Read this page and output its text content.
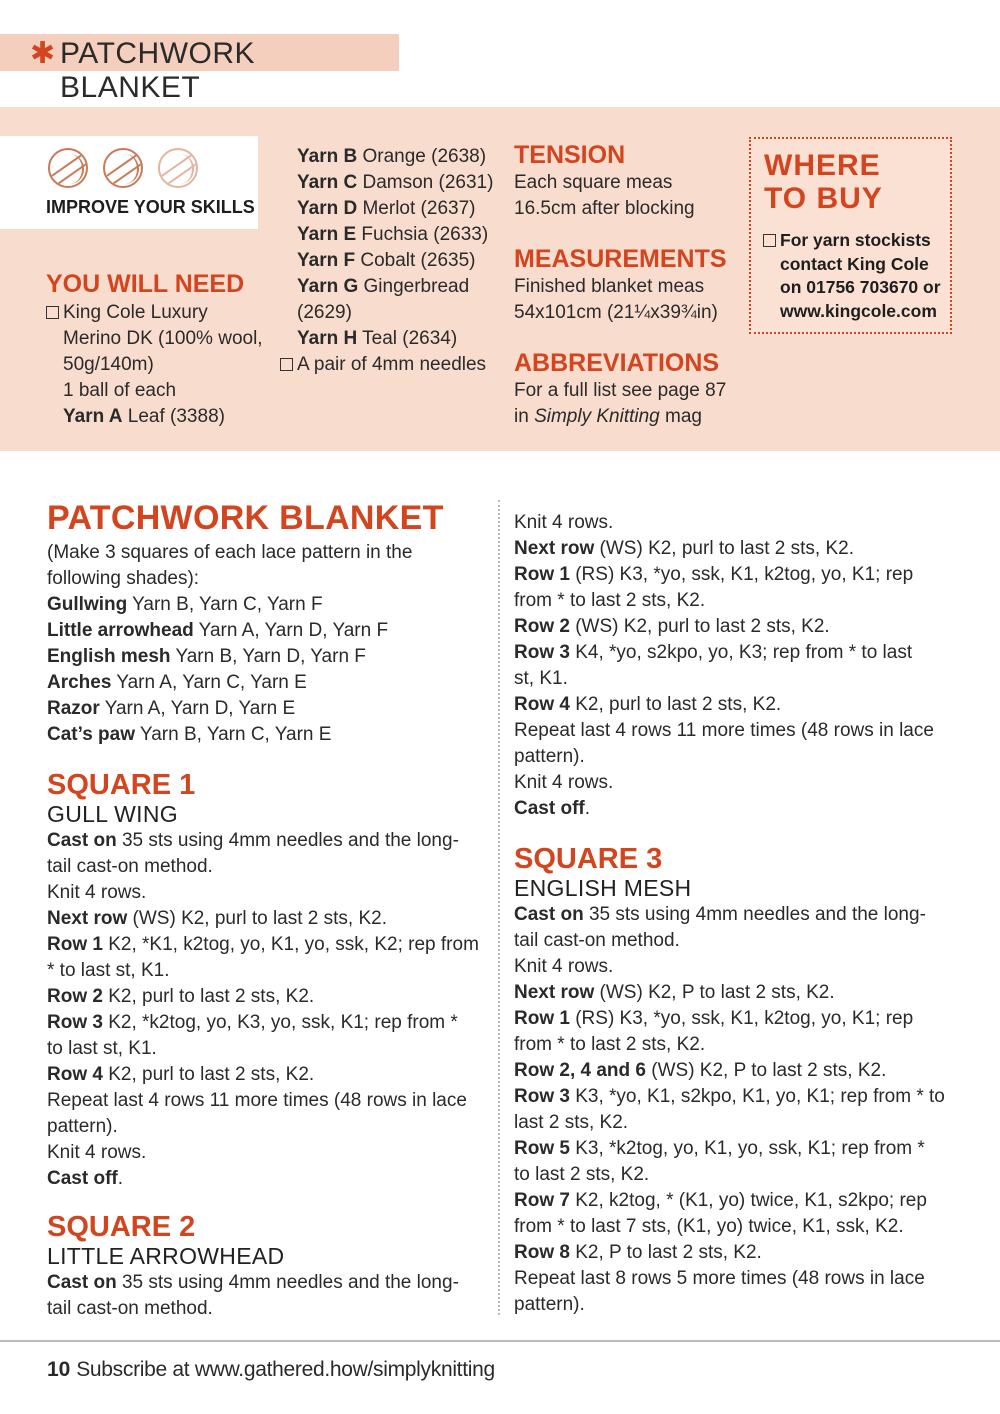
✱ PATCHWORK BLANKET
IMPROVE YOUR SKILLS
YOU WILL NEED
King Cole Luxury
Merino DK (100% wool,
50g/140m)
1 ball of each
Yarn A Leaf (3388)
Yarn B Orange (2638)
Yarn C Damson (2631)
Yarn D Merlot (2637)
Yarn E Fuchsia (2633)
Yarn F Cobalt (2635)
Yarn G Gingerbread
(2629)
Yarn H Teal (2634)
A pair of 4mm needles
TENSION
Each square meas
16.5cm after blocking
MEASUREMENTS
Finished blanket meas
54x101cm (21¼x39¾in)
ABBREVIATIONS
For a full list see page 87
in Simply Knitting mag
WHERE
TO BUY
For yarn stockists
contact King Cole
on 01756 703670 or
www.kingcole.com
PATCHWORK BLANKET

(Make 3 squares of each lace pattern in the

following shades):

Gullwing Yarn B, Yarn C, Yarn F

Little arrowhead Yarn A, Yarn D, Yarn F

English mesh Yarn B, Yarn D, Yarn F

Arches Yarn A, Yarn C, Yarn E

Razor Yarn A, Yarn D, Yarn E

Cat’s paw Yarn B, Yarn C, Yarn E

SQUARE 1
GULL WING

Cast on 35 sts using 4mm needles and the long-

tail cast-on method.

Knit 4 rows.

Next row (WS) K2, purl to last 2 sts, K2.

Row 1 K2, *K1, k2tog, yo, K1, yo, ssk, K2; rep from

* to last st, K1.

Row 2 K2, purl to last 2 sts, K2.

Row 3 K2, *k2tog, yo, K3, yo, ssk, K1; rep from *

to last st, K1.

Row 4 K2, purl to last 2 sts, K2.

Repeat last 4 rows 11 more times (48 rows in lace

pattern).

Knit 4 rows.

Cast off.

SQUARE 2
LITTLE ARROWHEAD

Cast on 35 sts using 4mm needles and the long-

tail cast-on method.

Knit 4 rows.

Next row (WS) K2, purl to last 2 sts, K2.

Row 1 (RS) K3, *yo, ssk, K1, k2tog, yo, K1; rep

from * to last 2 sts, K2.

Row 2 (WS) K2, purl to last 2 sts, K2.

Row 3 K4, *yo, s2kpo, yo, K3; rep from * to last

st, K1.

Row 4 K2, purl to last 2 sts, K2.

Repeat last 4 rows 11 more times (48 rows in lace

pattern).

Knit 4 rows.

Cast off.

SQUARE 3
ENGLISH MESH

Cast on 35 sts using 4mm needles and the long-

tail cast-on method.

Knit 4 rows.

Next row (WS) K2, P to last 2 sts, K2.

Row 1 (RS) K3, *yo, ssk, K1, k2tog, yo, K1; rep

from * to last 2 sts, K2.

Row 2, 4 and 6 (WS) K2, P to last 2 sts, K2.

Row 3 K3, *yo, K1, s2kpo, K1, yo, K1; rep from * to

last 2 sts, K2.

Row 5 K3, *k2tog, yo, K1, yo, ssk, K1; rep from *

to last 2 sts, K2.

Row 7 K2, k2tog, * (K1, yo) twice, K1, s2kpo; rep

from * to last 7 sts, (K1, yo) twice, K1, ssk, K2.

Row 8 K2, P to last 2 sts, K2.

Repeat last 8 rows 5 more times (48 rows in lace

pattern).

10 Subscribe at www.gathered.how/simplyknitting
